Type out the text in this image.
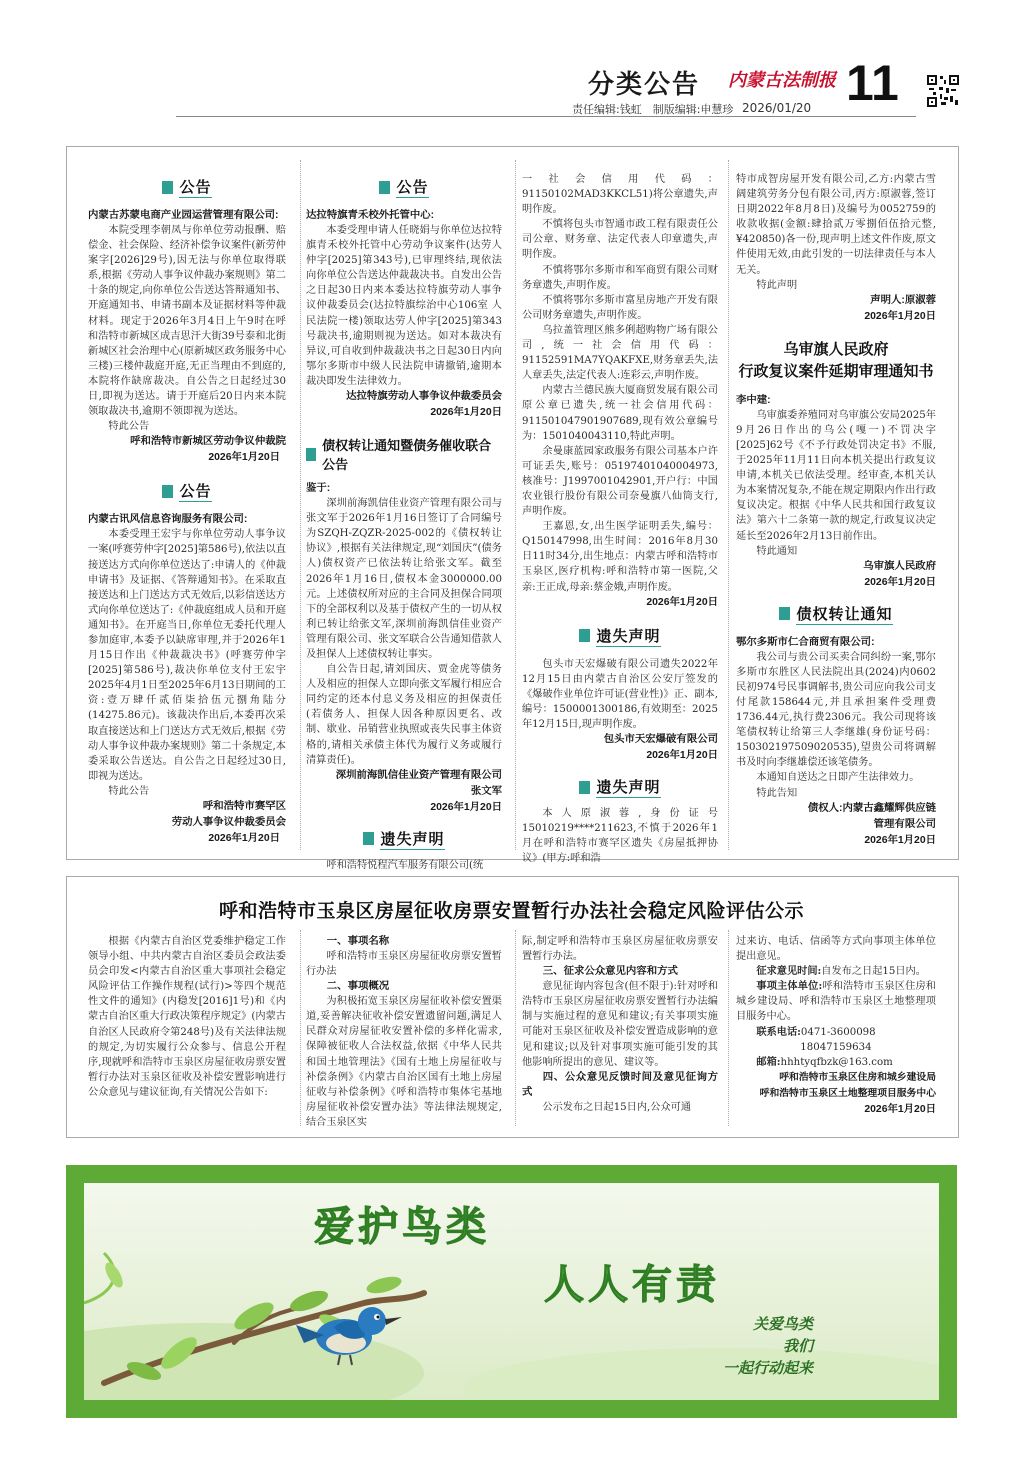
分类公告 内蒙古法制报 11
责任编辑:钱虹　制版编辑:申慧珍 2026/01/20
公告
内蒙古苏蒙电商产业园运营管理有限公司:

本院受理李朝凤与你单位劳动报酬、赔偿金、社会保险、经济补偿争议案件(新劳仲案字[2026]29号),因无法与你单位取得联系,根据《劳动人事争议仲裁办案规则》第二十条的规定,向你单位公告送达答辩通知书、开庭通知书、申请书副本及证据材料等仲裁材料。现定于2026年3月4日上午9时在呼和浩特市新城区成吉思汗大街39号泰和北街新城区社会治理中心(原新城区政务服务中心三楼)三楼仲裁庭开庭,无正当理由不到庭的,本院将作缺席裁决。自公告之日起经过30日,即视为送达。请于开庭后20日内来本院领取裁决书,逾期不领即视为送达。

特此公告

呼和浩特市新城区劳动争议仲裁院
2026年1月20日
公告
内蒙古讯风信息咨询服务有限公司:

本委受理王宏宇与你单位劳动人事争议一案(呼赛劳仲字[2025]第586号),依法以直接送达方式向你单位送达了:申请人的《仲裁申请书》及证据、《答辩通知书》。在采取直接送达和上门送达方式无效后,以彩信送达方式向你单位送达了:《仲裁庭组成人员和开庭通知书》。在开庭当日,你单位无委托代理人参加庭审,本委予以缺席审理,并于2026年1月15日作出《仲裁裁决书》(呼赛劳仲字[2025]第586号),裁决你单位支付王宏宇2025年4月1日至2025年6月13日期间的工资:壹万肆仟贰佰柒拾伍元捌角陆分(14275.86元)。该裁决作出后,本委再次采取直接送达和上门送达方式无效后,根据《劳动人事争议仲裁办案规则》第二十条规定,本委采取公告送达。自公告之日起经过30日,即视为送达。

特此公告

呼和浩特市赛罕区
劳动人事争议仲裁委员会
2026年1月20日
公告
达拉特旗青禾校外托管中心:

本委受理申请人任晓娟与你单位达拉特旗青禾校外托管中心劳动争议案件(达劳人仲字[2025]第343号),已审理终结,现依法向你单位公告送达仲裁裁决书。自发出公告之日起30日内来本委达拉特旗劳动人事争议仲裁委员会(达拉特旗综治中心106室 人民法院一楼)领取达劳人仲字[2025]第343号裁决书,逾期则视为送达。如对本裁决有异议,可自收到仲裁裁决书之日起30日内向鄂尔多斯市中级人民法院申请撤销,逾期本裁决即发生法律效力。

达拉特旗劳动人事争议仲裁委员会
2026年1月20日
债权转让通知暨债务催收联合公告
鉴于:

深圳前海凯信佳业资产管理有限公司与张文军于2026年1月16日签订了合同编号为SZQH-ZQZR-2025-002的《债权转让协议》,根据有关法律规定,现“刘国庆”(债务人)债权资产已依法转让给张文军。截至2026年1月16日,债权本金3000000.00元。上述债权所对应的主合同及担保合同项下的全部权利以及基于债权产生的一切从权利已转让给张文军,深圳前海凯信佳业资产管理有限公司、张文军联合公告通知借款人及担保人上述债权转让事实。

自公告日起,请刘国庆、贾金虎等债务人及相应的担保人立即向张文军履行相应合同约定的还本付息义务及相应的担保责任(若债务人、担保人因各种原因更名、改制、歇业、吊销营业执照或丧失民事主体资格的,请相关承债主体代为履行义务或履行清算责任)。

深圳前海凯信佳业资产管理有限公司
张文军
2026年1月20日
遗失声明

呼和浩特悦程汽车服务有限公司(统

一社会信用代码：91150102MAD3KKCL51)将公章遗失,声明作废。

不慎将包头市智通市政工程有限责任公司公章、财务章、法定代表人印章遗失,声明作废。

不慎将鄂尔多斯市和军商贸有限公司财务章遗失,声明作废。

不慎将鄂尔多斯市富星房地产开发有限公司财务章遗失,声明作废。

乌拉盖管理区熊多俐超购物广场有限公司,统一社会信用代码：91152591MA7YQAKFXE,财务章丢失,法人章丢失,法定代表人:连彩云,声明作废。

内蒙古兰德民族大厦商贸发展有限公司原公章已遗失,统一社会信用代码：911501047901907689,现有效公章编号为：1501040043110,特此声明。

余曼康蓝园家政服务有限公司基本户许可证丢失,账号：05197401040004973,核准号：J1997001042901,开户行：中国农业银行股份有限公司奈曼旗八仙筒支行,声明作废。

王嘉恩,女,出生医学证明丢失,编号：Q150147998,出生时间：2016年8月30日11时34分,出生地点：内蒙古呼和浩特市玉泉区,医疗机构:呼和浩特市第一医院,父亲:王正成,母亲:蔡金娥,声明作废。

2026年1月20日
遗失声明

包头市天宏爆破有限公司遗失2022年12月15日由内蒙古自治区公安厅签发的《爆破作业单位许可证(营业性)》正、副本,编号：1500001300186,有效期至：2025年12月15日,现声明作废。

包头市天宏爆破有限公司
2026年1月20日
遗失声明

本人原淑蓉,身份证号15010219****211623,不慎于2026年1月在呼和浩特市赛罕区遗失《房屋抵押协议》(甲方:呼和浩

特市成智房屋开发有限公司,乙方:内蒙古雪阔建筑劳务分包有限公司,丙方:原淑蓉,签订日期2022年8月8日)及编号为0052759的收款收据(金额:肆拾贰万零捌佰伍拾元整,¥420850)各一份,现声明上述文件作废,原文件使用无效,由此引发的一切法律责任与本人无关。

特此声明

声明人:原淑蓉
2026年1月20日
乌审旗人民政府
行政复议案件延期审理通知书
李中建:

乌审旗委养殖同对乌审旗公安局2025年9月26日作出的乌公(嘎一)不罚决字[2025]62号《不予行政处罚决定书》不服,于2025年11月11日向本机关提出行政复议申请,本机关已依法受理。经审查,本机关认为本案情况复杂,不能在规定期限内作出行政复议决定。根据《中华人民共和国行政复议法》第六十二条第一款的规定,行政复议决定延长至2026年2月13日前作出。

特此通知

乌审旗人民政府
2026年1月20日
债权转让通知
鄂尔多斯市仁合商贸有限公司:

我公司与贵公司买卖合同纠纷一案,鄂尔多斯市东胜区人民法院出具(2024)内0602民初974号民事调解书,贵公司应向我公司支付尾款158644元,并且承担案件受理费1736.44元,执行费2306元。我公司现将该笔债权转让给第三人李继雄(身份证号码：150302197509020535),望贵公司将调解书及时向李继雄偿还该笔债务。

本通知自送达之日即产生法律效力。

特此告知

债权人:内蒙古鑫耀辉供应链
管理有限公司
2026年1月20日
呼和浩特市玉泉区房屋征收房票安置暂行办法社会稳定风险评估公示

根据《内蒙古自治区党委维护稳定工作领导小组、中共内蒙古自治区委员会政法委员会印发<内蒙古自治区重大事项社会稳定风险评估工作操作规程(试行)>等四个规范性文件的通知》(内稳发[2016]1号)和《内蒙古自治区重大行政决策程序规定》(内蒙古自治区人民政府令第248号)及有关法律法规的规定,为切实履行公众参与、信息公开程序,现就呼和浩特市玉泉区房屋征收房票安置暂行办法对玉泉区征收及补偿安置影响进行公众意见与建议征询,有关情况公告如下:

一、事项名称

呼和浩特市玉泉区房屋征收房票安置暂行办法

二、事项概况

为积极拓宽玉泉区房屋征收补偿安置渠道,妥善解决征收补偿安置遗留问题,满足人民群众对房屋征收安置补偿的多样化需求,保障被征收人合法权益,依据《中华人民共和国土地管理法》《国有土地上房屋征收与补偿条例》《内蒙古自治区国有土地上房屋征收与补偿条例》《呼和浩特市集体宅基地房屋征收补偿安置办法》等法律法规规定,结合玉泉区实

际,制定呼和浩特市玉泉区房屋征收房票安置暂行办法。

三、征求公众意见内容和方式

意见征询内容包含(但不限于):针对呼和浩特市玉泉区房屋征收房票安置暂行办法编制与实施过程的意见和建议;有关事项实施可能对玉泉区征收及补偿安置造成影响的意见和建议;以及针对事项实施可能引发的其他影响所提出的意见、建议等。

四、公众意见反馈时间及意见征询方式

公示发布之日起15日内,公众可通

过来访、电话、信函等方式向事项主体单位提出意见。

征求意见时间:自发布之日起15日内。

事项主体单位:呼和浩特市玉泉区住房和城乡建设局、呼和浩特市玉泉区土地整理项目服务中心。

联系电话:0471-3600098

18047159634

邮箱:hhhtyqfbzk@163.com

呼和浩特市玉泉区住房和城乡建设局
呼和浩特市玉泉区土地整理项目服务中心
2026年1月20日
爱护鸟类
人人有责
关爱鸟类
我们
一起行动起来
